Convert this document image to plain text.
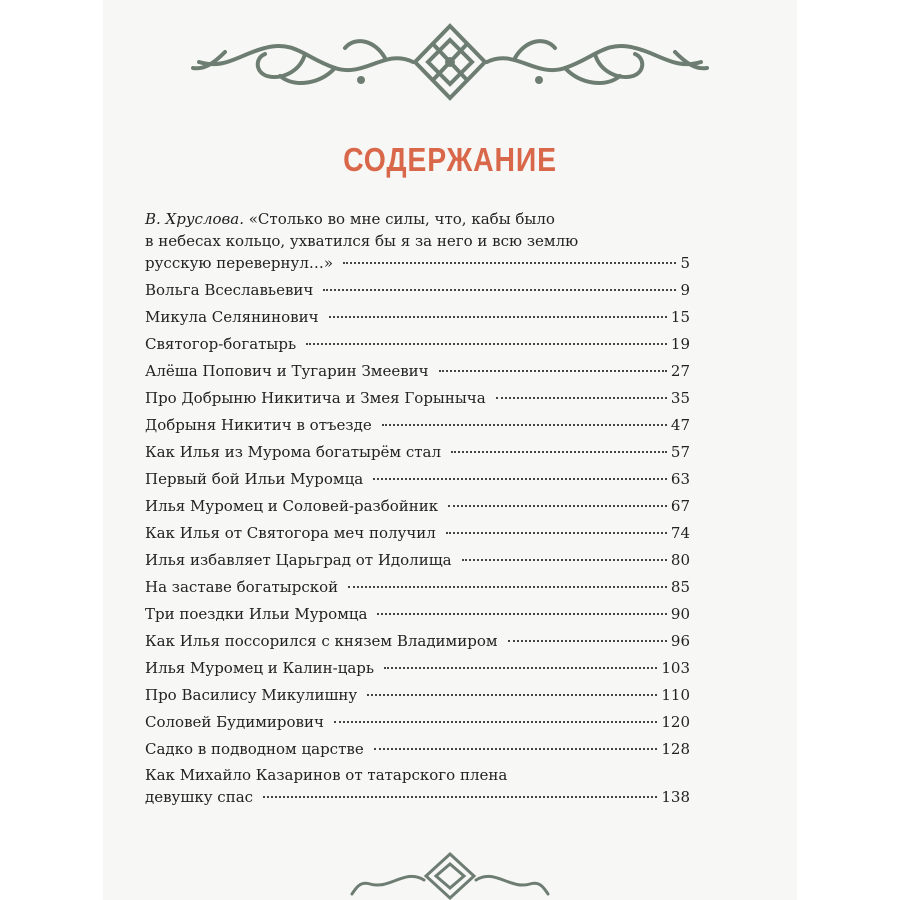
СОДЕРЖАНИЕ
В. Хруслова. «Столько во мне силы, что, кабы было
в небесах кольцо, ухватился бы я за него и всю землю
русскую перевернул…»	5
Вольга Всеславьевич	9
Микула Селянинович	15
Святогор-богатырь	19
Алёша Попович и Тугарин Змеевич	27
Про Добрыню Никитича и Змея Горыныча	35
Добрыня Никитич в отъезде	47
Как Илья из Мурома богатырём стал	57
Первый бой Ильи Муромца	63
Илья Муромец и Соловей-разбойник	67
Как Илья от Святогора меч получил	74
Илья избавляет Царьград от Идолища	80
На заставе богатырской	85
Три поездки Ильи Муромца	90
Как Илья поссорился с князем Владимиром	96
Илья Муромец и Калин-царь	103
Про Василису Микулишну	110
Соловей Будимирович	120
Садко в подводном царстве	128
Как Михайло Казаринов от татарского плена
девушку спас	138
